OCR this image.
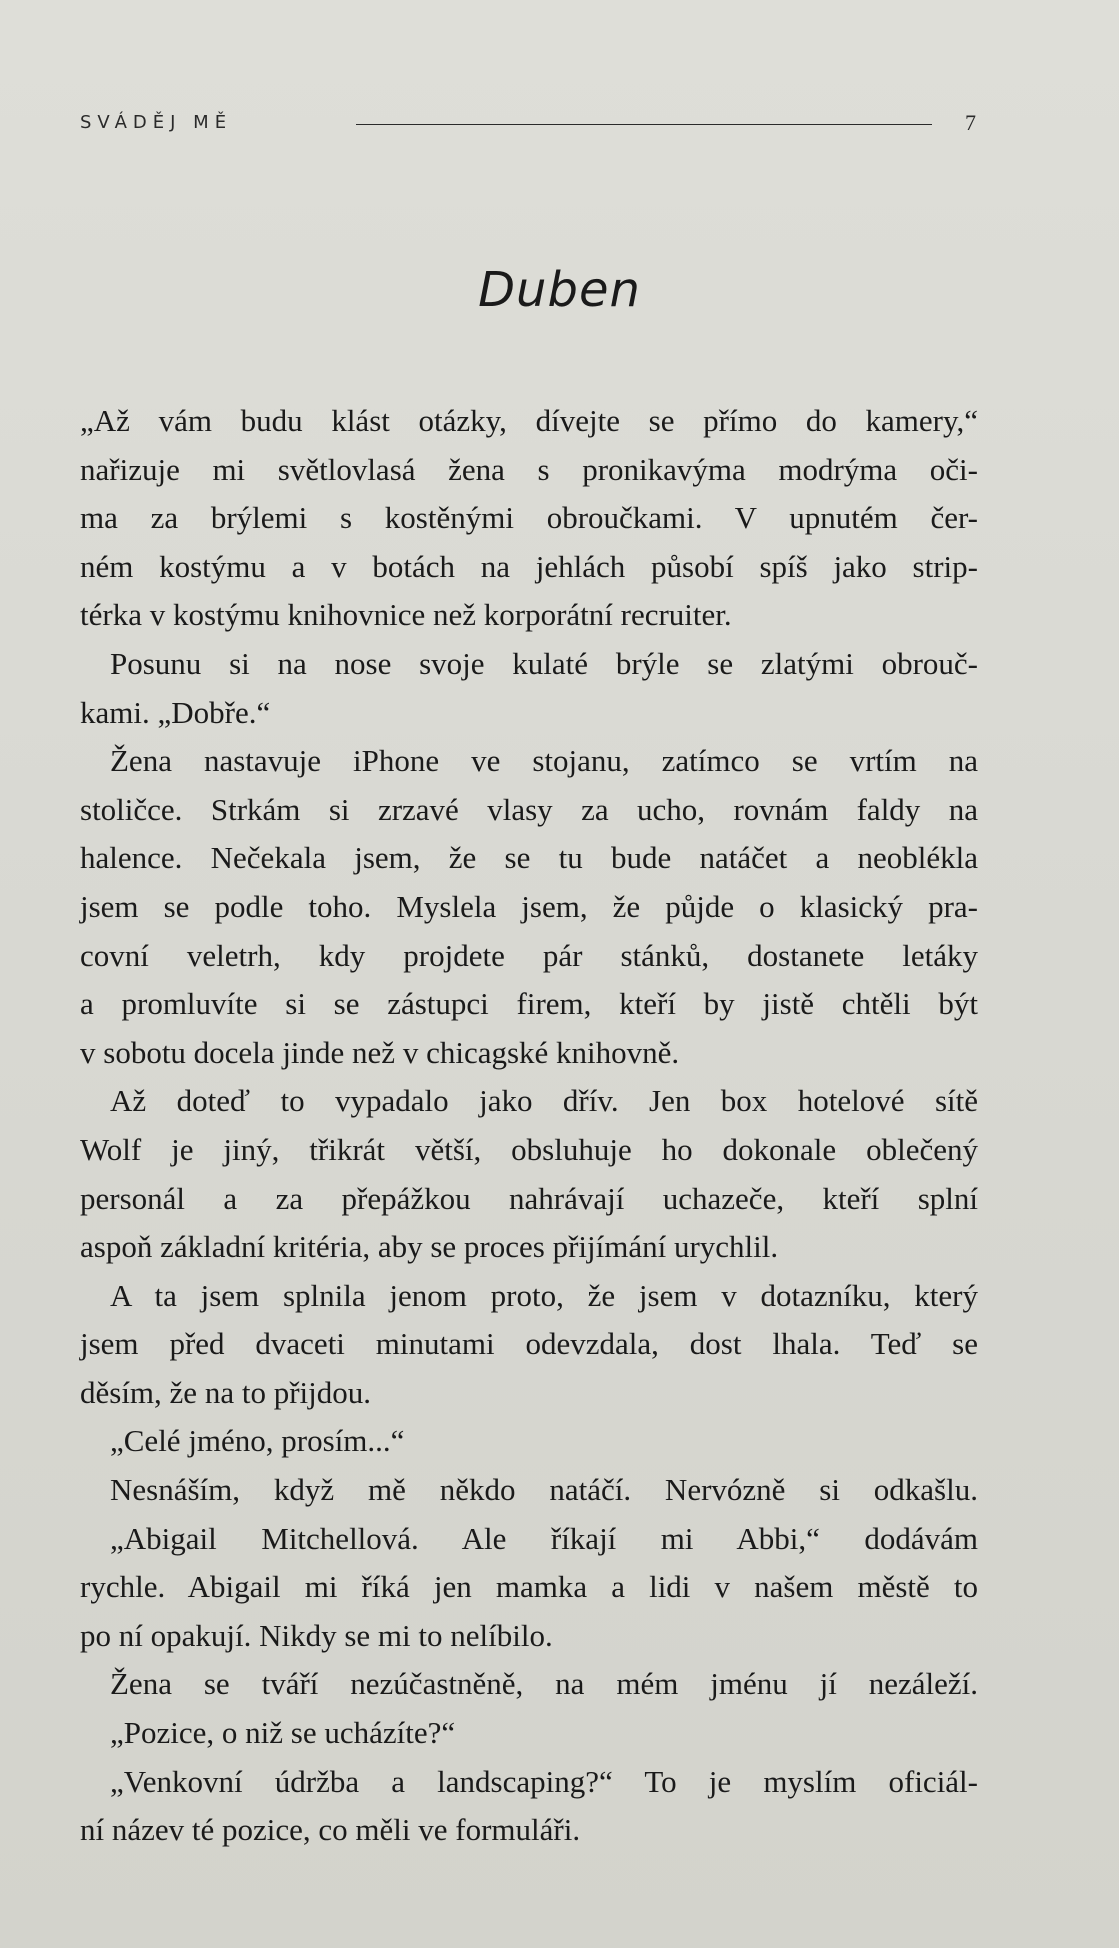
SVÁDĚJ MĚ	7
Duben
„Až vám budu klást otázky, dívejte se přímo do kamery,“
nařizuje mi světlovlasá žena s pronikavýma modrýma oči-
ma za brýlemi s kostěnými obroučkami. V upnutém čer-
ném kostýmu a v botách na jehlách působí spíš jako strip-
térka v kostýmu knihovnice než korporátní recruiter.
Posunu si na nose svoje kulaté brýle se zlatými obrouč-
kami. „Dobře.“
Žena nastavuje iPhone ve stojanu, zatímco se vrtím na
stoličce. Strkám si zrzavé vlasy za ucho, rovnám faldy na
halence. Nečekala jsem, že se tu bude natáčet a neoblékla
jsem se podle toho. Myslela jsem, že půjde o klasický pra-
covní veletrh, kdy projdete pár stánků, dostanete letáky
a promluvíte si se zástupci firem, kteří by jistě chtěli být
v sobotu docela jinde než v chicagské knihovně.
Až doteď to vypadalo jako dřív. Jen box hotelové sítě
Wolf je jiný, třikrát větší, obsluhuje ho dokonale oblečený
personál a za přepážkou nahrávají uchazeče, kteří splní
aspoň základní kritéria, aby se proces přijímání urychlil.
A ta jsem splnila jenom proto, že jsem v dotazníku, který
jsem před dvaceti minutami odevzdala, dost lhala. Teď se
děsím, že na to přijdou.
„Celé jméno, prosím...“
Nesnáším, když mě někdo natáčí. Nervózně si odkašlu.
„Abigail Mitchellová. Ale říkají mi Abbi,“ dodávám
rychle. Abigail mi říká jen mamka a lidi v našem městě to
po ní opakují. Nikdy se mi to nelíbilo.
Žena se tváří nezúčastněně, na mém jménu jí nezáleží.
„Pozice, o niž se ucházíte?“
„Venkovní údržba a landscaping?“ To je myslím oficiál-
ní název té pozice, co měli ve formuláři.
